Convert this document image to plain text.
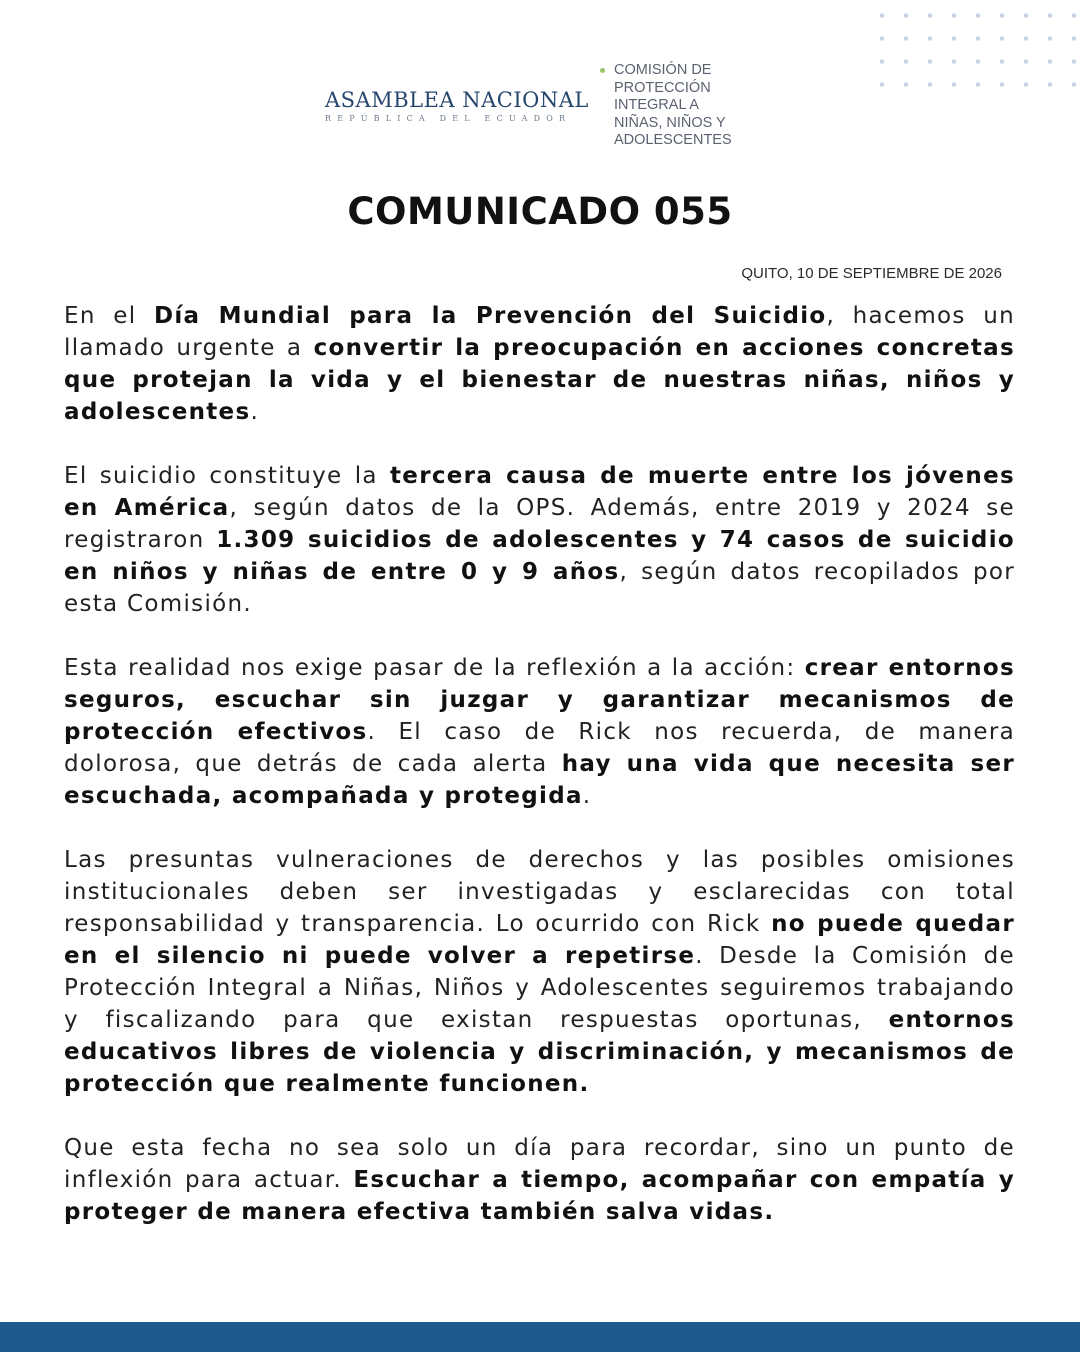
ASAMBLEA NACIONAL
REPÚBLICA DEL ECUADOR
COMISIÓN DE
PROTECCIÓN
INTEGRAL A
NIÑAS, NIÑOS Y
ADOLESCENTES
COMUNICADO 055
QUITO, 10 DE SEPTIEMBRE DE 2026

En el Día Mundial para la Prevención del Suicidio, hacemos un llamado urgente a convertir la preocupación en acciones concretas que protejan la vida y el bienestar de nuestras niñas, niños y adolescentes.

El suicidio constituye la tercera causa de muerte entre los jóvenes en América, según datos de la OPS. Además, entre 2019 y 2024 se registraron 1.309 suicidios de adolescentes y 74 casos de suicidio en niños y niñas de entre 0 y 9 años, según datos recopilados por esta Comisión.

Esta realidad nos exige pasar de la reflexión a la acción: crear entornos seguros, escuchar sin juzgar y garantizar mecanismos de protección efectivos. El caso de Rick nos recuerda, de manera dolorosa, que detrás de cada alerta hay una vida que necesita ser escuchada, acompañada y protegida.

Las presuntas vulneraciones de derechos y las posibles omisiones institucionales deben ser investigadas y esclarecidas con total responsabilidad y transparencia. Lo ocurrido con Rick no puede quedar en el silencio ni puede volver a repetirse. Desde la Comisión de Protección Integral a Niñas, Niños y Adolescentes seguiremos trabajando y fiscalizando para que existan respuestas oportunas, entornos educativos libres de violencia y discriminación, y mecanismos de protección que realmente funcionen.

Que esta fecha no sea solo un día para recordar, sino un punto de inflexión para actuar. Escuchar a tiempo, acompañar con empatía y proteger de manera efectiva también salva vidas.
